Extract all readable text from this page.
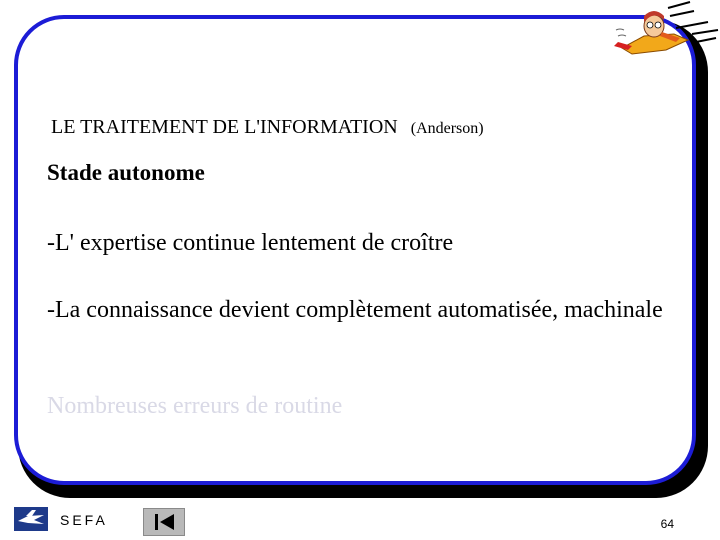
LE TRAITEMENT DE L'INFORMATION (Anderson)
Stade autonome
-L' expertise continue lentement de croître
-La connaissance devient complètement automatisée, machinale
Nombreuses erreurs de routine
SEFA	64
